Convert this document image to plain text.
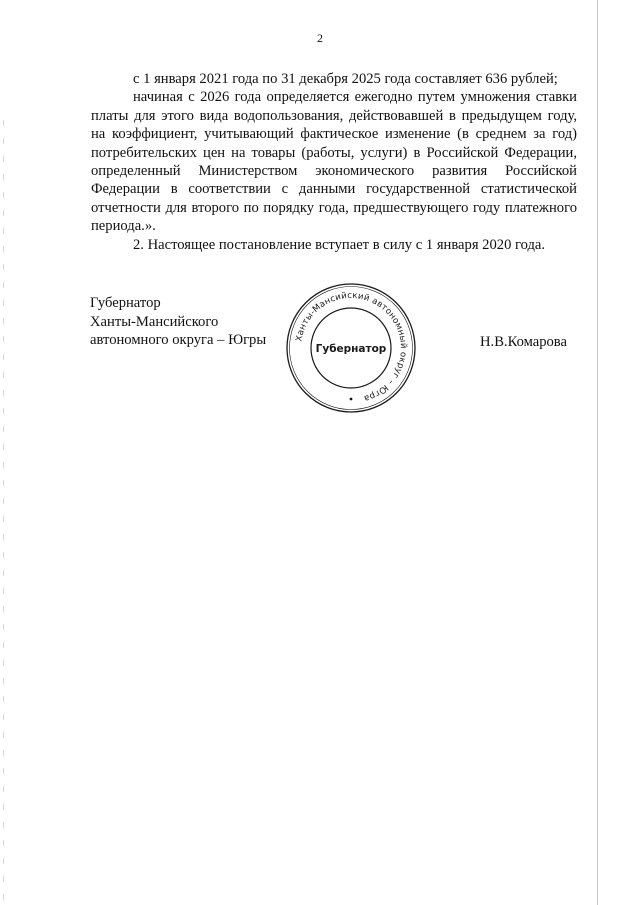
2

с 1 января 2021 года по 31 декабря 2025 года составляет 636 рублей;

начиная с 2026 года определяется ежегодно путем умножения ставки платы для этого вида водопользования, действовавшей в предыдущем году, на коэффициент, учитывающий фактическое изменение (в среднем за год) потребительских цен на товары (работы, услуги) в Российской Федерации, определенный Министерством экономического развития Российской Федерации в соответствии с данными государственной статистической отчетности для второго по порядку года, предшествующего году платежного периода.».

2. Настоящее постановление вступает в силу с 1 января 2020 года.

Губернатор
Ханты-Мансийского
автономного округа – Югры	Ханты-Мансийский автономный округ – Югра
Губернатор	Н.В.Комарова
